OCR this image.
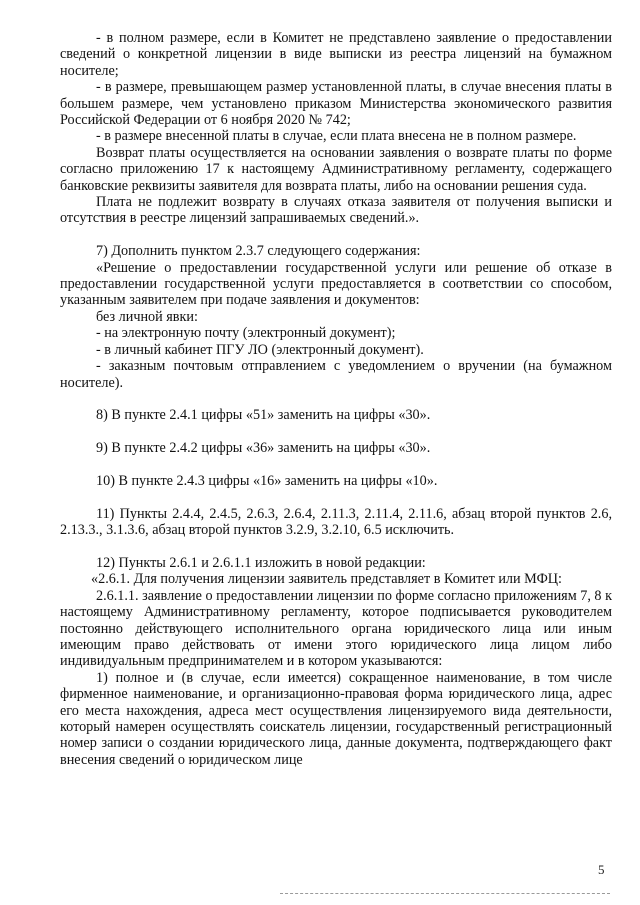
- в полном размере, если в Комитет не представлено заявление о предоставлении сведений о конкретной лицензии в виде выписки из реестра лицензий на бумажном носителе;

- в размере, превышающем размер установленной платы, в случае внесения платы в большем размере, чем установлено приказом Министерства экономического развития Российской Федерации от 6 ноября 2020 № 742;

- в размере внесенной платы в случае, если плата внесена не в полном размере.

Возврат платы осуществляется на основании заявления о возврате платы по форме согласно приложению 17 к настоящему Административному регламенту, содержащего банковские реквизиты заявителя для возврата платы, либо на основании решения суда.

Плата не подлежит возврату в случаях отказа заявителя от получения выписки и отсутствия в реестре лицензий запрашиваемых сведений.».

7) Дополнить пунктом 2.3.7 следующего содержания:

«Решение о предоставлении государственной услуги или решение об отказе в предоставлении государственной услуги предоставляется в соответствии со способом, указанным заявителем при подаче заявления и документов:

без личной явки:

- на электронную почту (электронный документ);

- в личный кабинет ПГУ ЛО (электронный документ).

- заказным почтовым отправлением с уведомлением о вручении (на бумажном носителе).

8) В пункте 2.4.1 цифры «51» заменить на цифры «30».

9) В пункте 2.4.2 цифры «36» заменить на цифры «30».

10) В пункте 2.4.3 цифры «16» заменить на цифры «10».

11) Пункты 2.4.4, 2.4.5, 2.6.3, 2.6.4, 2.11.3, 2.11.4, 2.11.6, абзац второй пунктов 2.6, 2.13.3., 3.1.3.6, абзац второй пунктов 3.2.9, 3.2.10, 6.5 исключить.

12) Пункты 2.6.1 и 2.6.1.1 изложить в новой редакции:

«2.6.1. Для получения лицензии заявитель представляет в Комитет или МФЦ:

2.6.1.1. заявление о предоставлении лицензии по форме согласно приложениям 7, 8 к настоящему Административному регламенту, которое подписывается руководителем постоянно действующего исполнительного органа юридического лица или иным имеющим право действовать от имени этого юридического лица лицом либо индивидуальным предпринимателем и в котором указываются:

1) полное и (в случае, если имеется) сокращенное наименование, в том числе фирменное наименование, и организационно-правовая форма юридического лица, адрес его места нахождения, адреса мест осуществления лицензируемого вида деятельности, который намерен осуществлять соискатель лицензии, государственный регистрационный номер записи о создании юридического лица, данные документа, подтверждающего факт внесения сведений о юридическом лице

5
